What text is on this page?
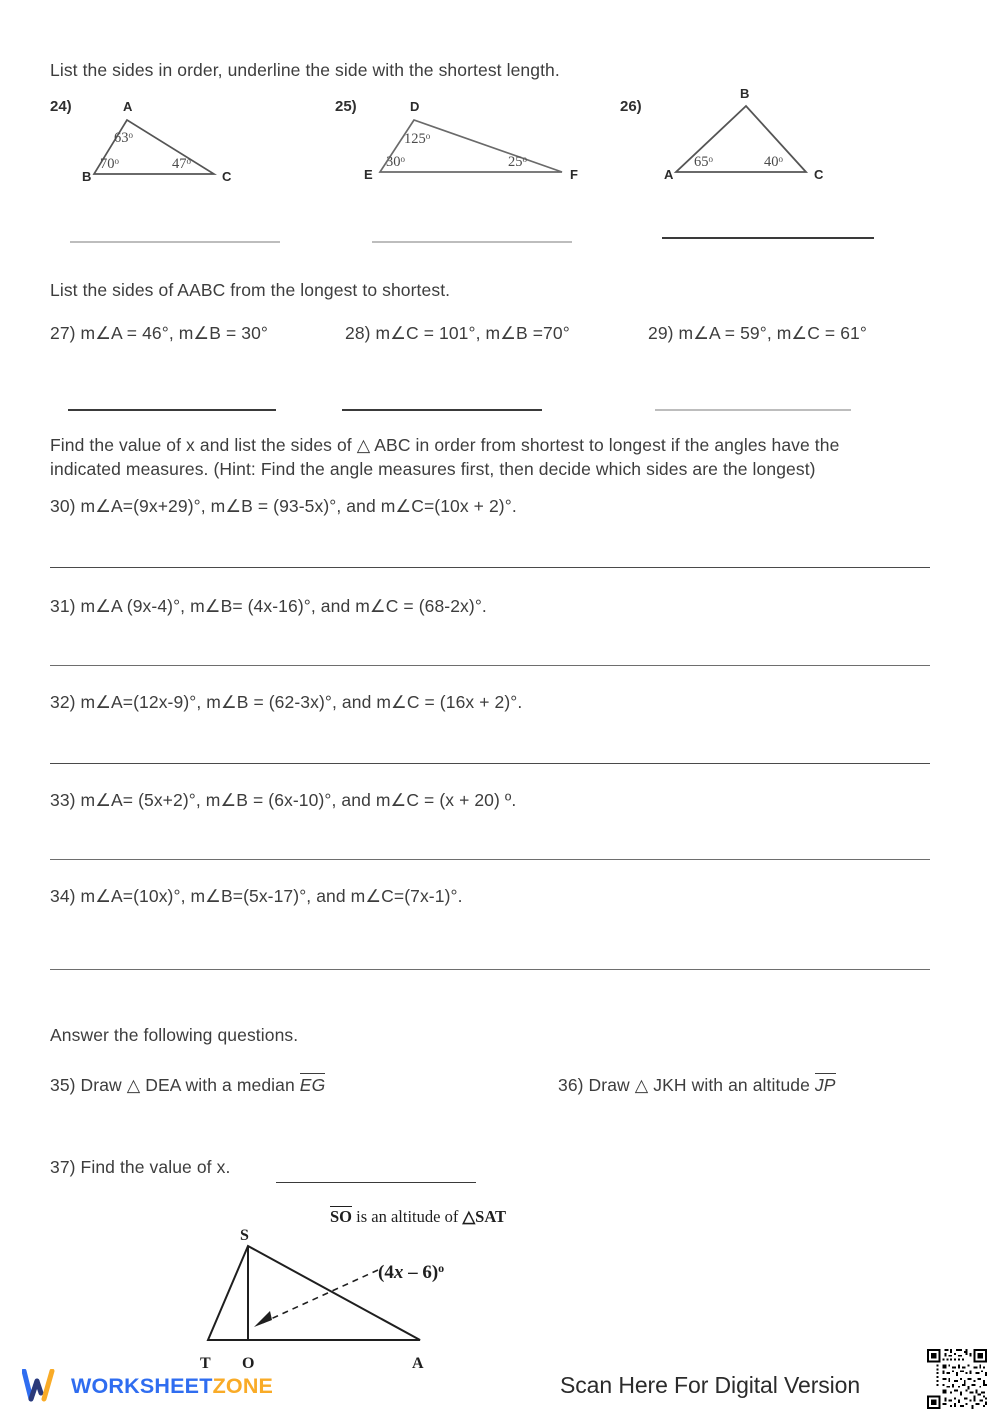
List the sides in order, underline the side with the shortest length.
24)	A
B	C
63$^o$
70$^o$	47$^o$
25)	D
E	F
125$^o$
30$^o$	25$^o$
26)
B
A	C
65$^o$	40$^o$
List the sides of AABC from the longest to shortest.
27) m∠A = 46°, m∠B = 30°	28) m∠C = 101°, m∠B =70°	29) m∠A = 59°, m∠C = 61°
Find the value of x and list the sides of △ ABC in order from shortest to longest if the angles have the
indicated measures. (Hint: Find the angle measures first, then decide which sides are the longest)
30) m∠A=(9x+29)°, m∠B = (93-5x)°, and m∠C=(10x + 2)°.
31) m∠A (9x-4)°, m∠B= (4x-16)°, and m∠C = (68-2x)°.
32) m∠A=(12x-9)°, m∠B = (62-3x)°, and m∠C = (16x + 2)°.
33) m∠A= (5x+2)°, m∠B = (6x-10)°, and m∠C = (x + 20) º.
34) m∠A=(10x)°, m∠B=(5x-17)°, and m∠C=(7x-1)°.
Answer the following questions.
35) Draw △ DEA with a median EG	36) Draw △ JKH with an altitude JP
37) Find the value of x.
SO is an altitude of △SAT
S
T O	A
(4x – 6)$^o$
WORKSHEETZONE	Scan Here For Digital Version
